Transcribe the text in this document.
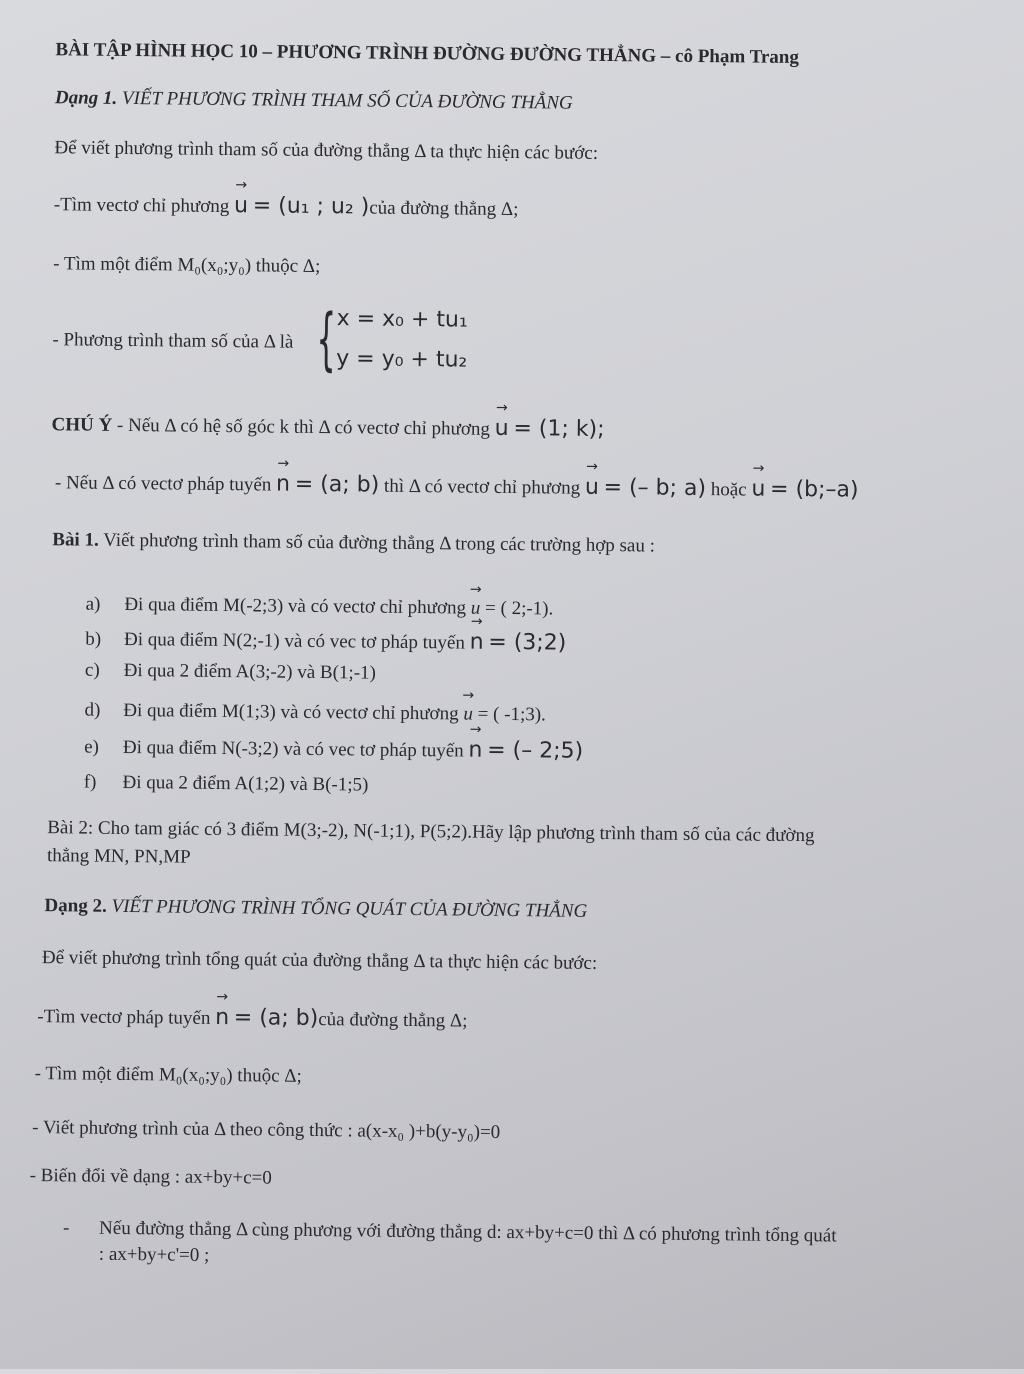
BÀI TẬP HÌNH HỌC 10 – PHƯƠNG TRÌNH ĐƯỜNG ĐƯỜNG THẲNG – cô Phạm Trang
Dạng 1. VIẾT PHƯƠNG TRÌNH THAM SỐ CỦA ĐƯỜNG THẲNG
Để viết phương trình tham số của đường thẳng Δ ta thực hiện các bước:
-Tìm vectơ chỉ phương → u = (u₁ ; u₂ )của đường thẳng Δ;
- Tìm một điểm M₀(x₀;y₀) thuộc Δ;
- Phương trình tham số của Δ là { x = x₀ + tu₁
y = y₀ + tu₂
CHÚ Ý - Nếu Δ có hệ số góc k thì Δ có vectơ chỉ phương → u = (1; k);
- Nếu Δ có vectơ pháp tuyến → n = (a; b) thì Δ có vectơ chỉ phương → u = (– b; a) hoặc → u = (b;–a)
Bài 1. Viết phương trình tham số của đường thẳng Δ trong các trường hợp sau :
a) Đi qua điểm M(-2;3) và có vectơ chỉ phương → u = ( 2;-1).
b) Đi qua điểm N(2;-1) và có vec tơ pháp tuyến → n = (3;2)
c) Đi qua 2 điểm A(3;-2) và B(1;-1)
d) Đi qua điểm M(1;3) và có vectơ chỉ phương → u = ( -1;3).
e) Đi qua điểm N(-3;2) và có vec tơ pháp tuyến → n = (– 2;5)
f) Đi qua 2 điểm A(1;2) và B(-1;5)
Bài 2: Cho tam giác có 3 điểm M(3;-2), N(-1;1), P(5;2).Hãy lập phương trình tham số của các đường
thẳng MN, PN,MP
Dạng 2. VIẾT PHƯƠNG TRÌNH TỔNG QUÁT CỦA ĐƯỜNG THẲNG
Để viết phương trình tổng quát của đường thẳng Δ ta thực hiện các bước:
-Tìm vectơ pháp tuyến → n = (a; b)của đường thẳng Δ;
- Tìm một điểm M₀(x₀;y₀) thuộc Δ;
- Viết phương trình của Δ theo công thức : a(x-x₀ )+b(y-y₀)=0
- Biến đổi về dạng : ax+by+c=0
- Nếu đường thẳng Δ cùng phương với đường thẳng d: ax+by+c=0 thì Δ có phương trình tổng quát
: ax+by+c'=0 ;
